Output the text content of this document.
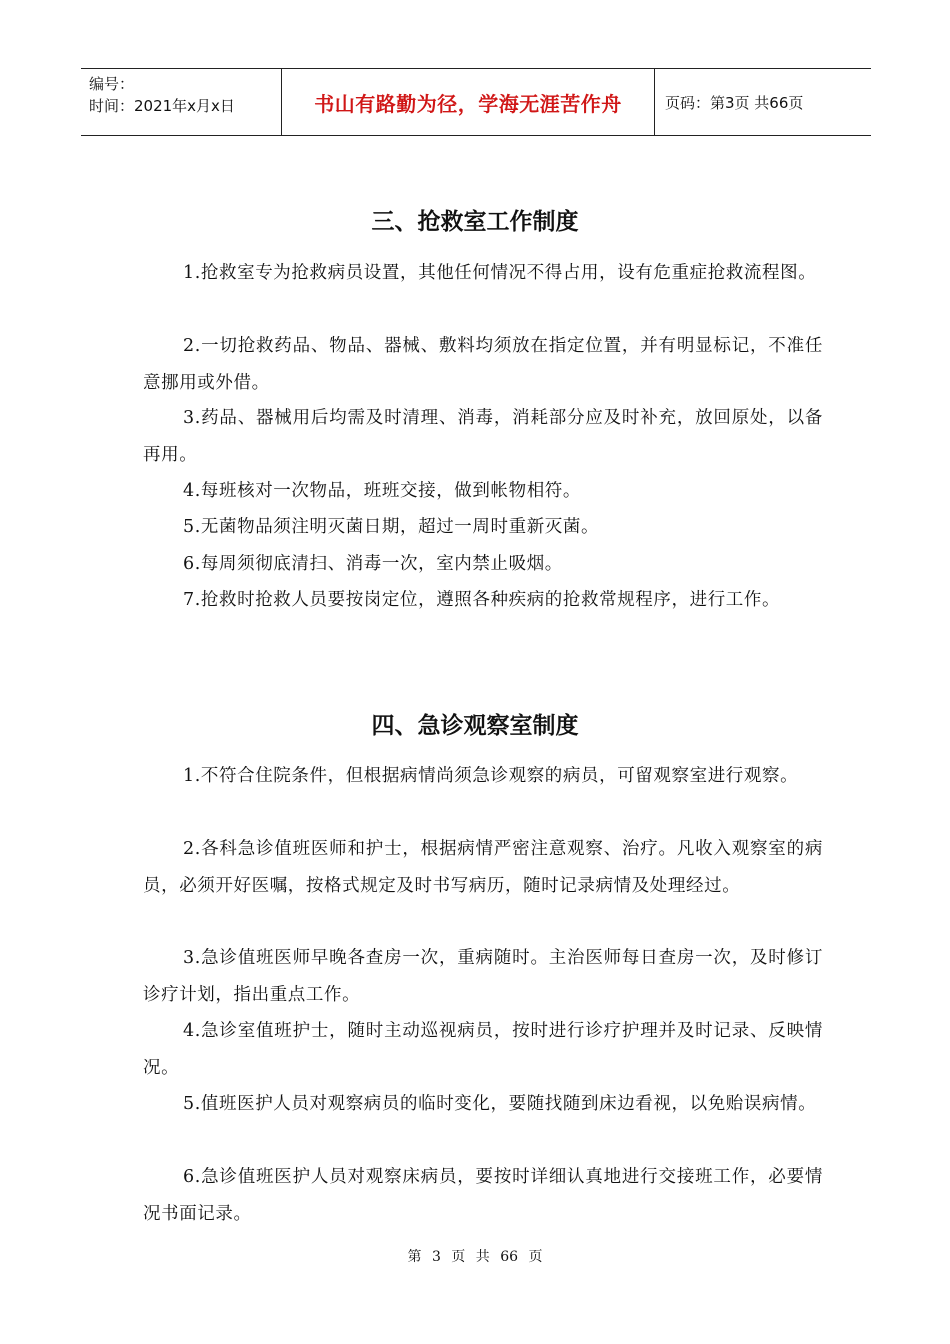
编号：
时间：2021年x月x日	书山有路勤为径，学海无涯苦作舟	页码：第3页 共66页
三、抢救室工作制度

1.抢救室专为抢救病员设置，其他任何情况不得占用，设有危重症抢救流程图。

2.一切抢救药品、物品、器械、敷料均须放在指定位置，并有明显标记，不准任意挪用或外借。

3.药品、器械用后均需及时清理、消毒，消耗部分应及时补充，放回原处，以备再用。

4.每班核对一次物品，班班交接，做到帐物相符。

5.无菌物品须注明灭菌日期，超过一周时重新灭菌。

6.每周须彻底清扫、消毒一次，室内禁止吸烟。

7.抢救时抢救人员要按岗定位，遵照各种疾病的抢救常规程序，进行工作。

四、急诊观察室制度

1.不符合住院条件，但根据病情尚须急诊观察的病员，可留观察室进行观察。

2.各科急诊值班医师和护士，根据病情严密注意观察、治疗。凡收入观察室的病员，必须开好医嘱，按格式规定及时书写病历，随时记录病情及处理经过。

3.急诊值班医师早晚各查房一次，重病随时。主治医师每日查房一次，及时修订诊疗计划，指出重点工作。

4.急诊室值班护士，随时主动巡视病员，按时进行诊疗护理并及时记录、反映情况。

5.值班医护人员对观察病员的临时变化，要随找随到床边看视，以免贻误病情。

6.急诊值班医护人员对观察床病员，要按时详细认真地进行交接班工作，必要情况书面记录。

第 3 页 共 66 页
